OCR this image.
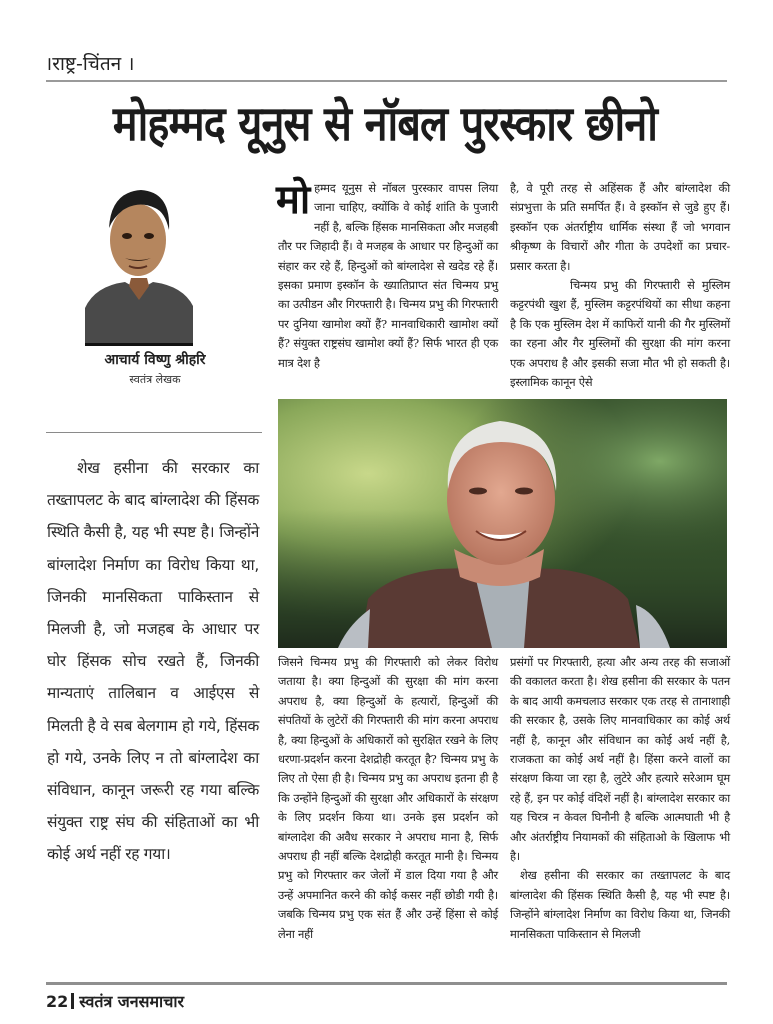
।राष्ट्र-चिंतन ।
मोहम्मद यूनुस से नॉबल पुरस्कार छीनो
आचार्य विष्णु श्रीहरि
स्वतंत्र लेखक
शेख हसीना की सरकार का तख्तापलट के बाद बांग्लादेश की हिंसक स्थिति कैसी है, यह भी स्पष्ट है। जिन्होंने बांग्लादेश निर्माण का विरोध किया था, जिनकी मानसिकता पाकिस्तान से मिलजी है, जो मजहब के आधार पर घोर हिंसक सोच रखते हैं, जिनकी मान्यताएं तालिबान व आईएस से मिलती है वे सब बेलगाम हो गये, हिंसक हो गये, उनके लिए न तो बांग्लादेश का संविधान, कानून जरूरी रह गया बल्कि संयुक्त राष्ट्र संघ की संहिताओं का भी कोई अर्थ नहीं रह गया।

मोहम्मद यूनुस से नॉबल पुरस्कार वापस लिया जाना चाहिए, क्योंकि वे कोई शांति के पुजारी नहीं है, बल्कि हिंसक मानसिकता और मजहबी तौर पर जिहादी हैं। वे मजहब के आधार पर हिन्दुओं का संहार कर रहे हैं, हिन्दुओं को बांग्लादेश से खदेड रहे हैं। इसका प्रमाण इस्कॉन के ख्यातिप्राप्त संत चिन्मय प्रभु का उत्पीडन और गिरफ्तारी है। चिन्मय प्रभु की गिरफ्तारी पर दुनिया खामोश क्यों हैं? मानवाधिकारी खामोश क्यों हैं? संयुक्त राष्ट्रसंघ खामोश क्यों हैं? सिर्फ भारत ही एक मात्र देश है

है, वे पूरी तरह से अहिंसक हैं और बांग्लादेश की संप्रभुत्ता के प्रति समर्पित हैं। वे इस्कॉन से जुडे हुए हैं। इस्कॉन एक अंतर्राष्ट्रीय धार्मिक संस्था हैं जो भगवान श्रीकृष्ण के विचारों और गीता के उपदेशों का प्रचार-प्रसार करता है।

चिन्मय प्रभु की गिरफ्तारी से मुस्लिम कट्टरपंथी खुश हैं, मुस्लिम कट्टरपंथियों का सीधा कहना है कि एक मुस्लिम देश में काफिरों यानी की गैर मुस्लिमों का रहना और गैर मुस्लिमों की सुरक्षा की मांग करना एक अपराध है और इसकी सजा मौत भी हो सकती है। इस्लामिक कानून ऐसे

जिसने चिन्मय प्रभु की गिरफ्तारी को लेकर विरोध जताया है। क्या हिन्दुओं की सुरक्षा की मांग करना अपराध है, क्या हिन्दुओं के हत्यारों, हिन्दुओं की संपतियों के लुटेरों की गिरफ्तारी की मांग करना अपराध है, क्या हिन्दुओं के अधिकारों को सुरक्षित रखने के लिए धरणा-प्रदर्शन करना देशद्रोही करतूत है? चिन्मय प्रभु के लिए तो ऐसा ही है। चिन्मय प्रभु का अपराध इतना ही है कि उन्होंने हिन्दुओं की सुरक्षा और अधिकारों के संरक्षण के लिए प्रदर्शन किया था। उनके इस प्रदर्शन को बांग्लादेश की अवैध सरकार ने अपराध माना है, सिर्फ अपराध ही नहीं बल्कि देशद्रोही करतूत मानी है। चिन्मय प्रभु को गिरफ्तार कर जेलों में डाल दिया गया है और उन्हें अपमानित करने की कोई कसर नहीं छोडी गयी है। जबकि चिन्मय प्रभु एक संत हैं और उन्हें हिंसा से कोई लेना नहीं

प्रसंगों पर गिरफ्तारी, हत्या और अन्य तरह की सजाओं की वकालत करता है। शेख हसीना की सरकार के पतन के बाद आयी कमचलाउ सरकार एक तरह से तानाशाही की सरकार है, उसके लिए मानवाधिकार का कोई अर्थ नहीं है, कानून और संविधान का कोई अर्थ नहीं है, राजकता का कोई अर्थ नहीं है। हिंसा करने वालों का संरक्षण किया जा रहा है, लुटेरे और हत्यारे सरेआम घूम रहे हैं, इन पर कोई वंदिशें नहीं है। बांग्लादेश सरकार का यह चिरत्र न केवल घिनौनी है बल्कि आत्मघाती भी है और अंतर्राष्ट्रीय नियामकों की संहिताओ के खिलाफ भी है।

शेख हसीना की सरकार का तख्तापलट के बाद बांग्लादेश की हिंसक स्थिति कैसी है, यह भी स्पष्ट है। जिन्होंने बांग्लादेश निर्माण का विरोध किया था, जिनकी मानसिकता पाकिस्तान से मिलजी

22 स्वतंत्र जनसमाचार
